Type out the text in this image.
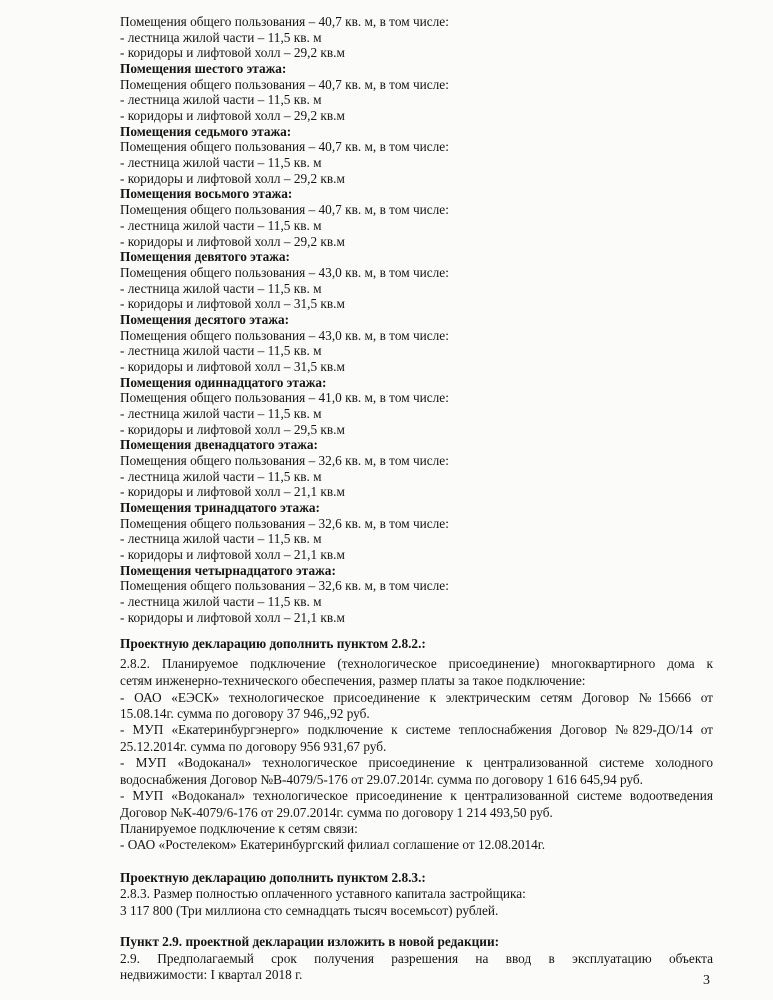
Помещения общего пользования – 40,7 кв. м, в том числе:
- лестница жилой части – 11,5 кв. м
- коридоры и лифтовой холл – 29,2 кв.м
Помещения шестого этажа:
Помещения общего пользования – 40,7 кв. м, в том числе:
- лестница жилой части – 11,5 кв. м
- коридоры и лифтовой холл – 29,2 кв.м
Помещения седьмого этажа:
Помещения общего пользования – 40,7 кв. м, в том числе:
- лестница жилой части – 11,5 кв. м
- коридоры и лифтовой холл – 29,2 кв.м
Помещения восьмого этажа:
Помещения общего пользования – 40,7 кв. м, в том числе:
- лестница жилой части – 11,5 кв. м
- коридоры и лифтовой холл – 29,2 кв.м
Помещения девятого этажа:
Помещения общего пользования – 43,0 кв. м, в том числе:
- лестница жилой части – 11,5 кв. м
- коридоры и лифтовой холл – 31,5 кв.м
Помещения десятого этажа:
Помещения общего пользования – 43,0 кв. м, в том числе:
- лестница жилой части – 11,5 кв. м
- коридоры и лифтовой холл – 31,5 кв.м
Помещения одиннадцатого этажа:
Помещения общего пользования – 41,0 кв. м, в том числе:
- лестница жилой части – 11,5 кв. м
- коридоры и лифтовой холл – 29,5 кв.м
Помещения двенадцатого этажа:
Помещения общего пользования – 32,6 кв. м, в том числе:
- лестница жилой части – 11,5 кв. м
- коридоры и лифтовой холл – 21,1 кв.м
Помещения тринадцатого этажа:
Помещения общего пользования – 32,6 кв. м, в том числе:
- лестница жилой части – 11,5 кв. м
- коридоры и лифтовой холл – 21,1 кв.м
Помещения четырнадцатого этажа:
Помещения общего пользования – 32,6 кв. м, в том числе:
- лестница жилой части – 11,5 кв. м
- коридоры и лифтовой холл – 21,1 кв.м
Проектную декларацию дополнить пунктом 2.8.2.:
2.8.2. Планируемое подключение (технологическое присоединение) многоквартирного дома к
сетям инженерно-технического обеспечения, размер платы за такое подключение:
- ОАО «ЕЭСК» технологическое присоединение к электрическим сетям Договор №15666 от
15.08.14г. сумма по договору 37 946,,92 руб.
- МУП «Екатеринбургэнерго» подключение к системе теплоснабжения Договор №829-ДО/14 от
25.12.2014г. сумма по договору 956 931,67 руб.
- МУП «Водоканал» технологическое присоединение к централизованной системе холодного
водоснабжения Договор №В-4079/5-176 от 29.07.2014г. сумма по договору 1 616 645,94 руб.
- МУП «Водоканал» технологическое присоединение к централизованной системе водоотведения
Договор №К-4079/6-176 от 29.07.2014г. сумма по договору 1 214 493,50 руб.
Планируемое подключение к сетям связи:
- ОАО «Ростелеком» Екатеринбургский филиал соглашение от 12.08.2014г.
Проектную декларацию дополнить пунктом 2.8.3.:
2.8.3. Размер полностью оплаченного уставного капитала застройщика:
3 117 800 (Три миллиона сто семнадцать тысяч восемьсот) рублей.
Пункт 2.9. проектной декларации изложить в новой редакции:
2.9. Предполагаемый срок получения разрешения на ввод в эксплуатацию объекта
недвижимости: I квартал 2018 г.	3
